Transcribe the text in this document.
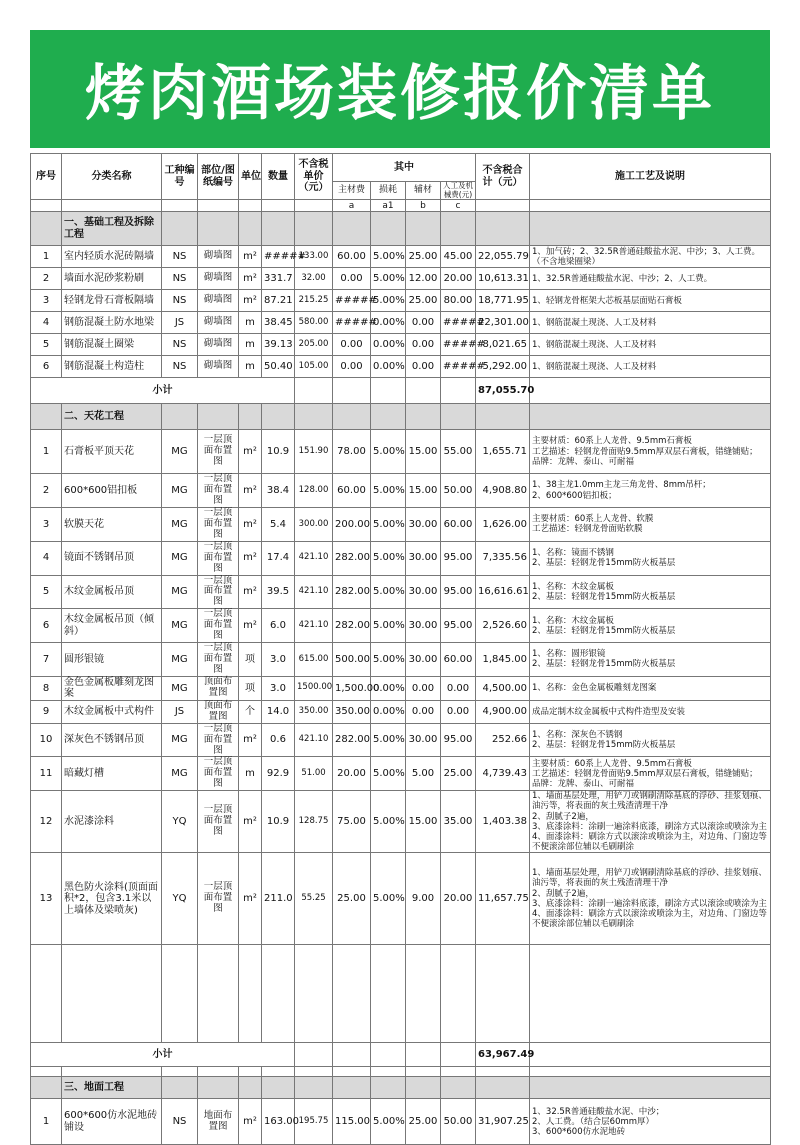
烤肉酒场装修报价清单
序号	分类名称	工种编号	部位/图纸编号	单位	数量	不含税单价（元）	其中				不含税合计（元）	施工工艺及说明
							主材费	损耗	辅材	人工及机械费(元)		
							a	a1	b	c		
	一、基础工程及拆除工程											
1	室内轻质水泥砖隔墙	NS	砌墙图	m²	#####	133.00	60.00	5.00%	25.00	45.00	22,055.79	1、加气砖；2、32.5R普通硅酸盐水泥、中沙；3、人工费。（不含地梁圈梁）
2	墙面水泥砂浆粉刷	NS	砌墙图	m²	331.7	32.00	0.00	5.00%	12.00	20.00	10,613.31	1、32.5R普通硅酸盐水泥、中沙；2、人工费。
3	轻钢龙骨石膏板隔墙	NS	砌墙图	m²	87.21	215.25	#####	5.00%	25.00	80.00	18,771.95	1、轻钢龙骨框架大芯板基层面贴石膏板
4	钢筋混凝土防水地梁	JS	砌墙图	m	38.45	580.00	#####	0.00%	0.00	#####	22,301.00	1、钢筋混凝土现浇、人工及材料
5	钢筋混凝土圈梁	NS	砌墙图	m	39.13	205.00	0.00	0.00%	0.00	#####	8,021.65	1、钢筋混凝土现浇、人工及材料
6	钢筋混凝土构造柱	NS	砌墙图	m	50.40	105.00	0.00	0.00%	0.00	#####	5,292.00	1、钢筋混凝土现浇、人工及材料
小计											87,055.70	
	二、天花工程											
1	石膏板平顶天花	MG	一层顶面布置图	m²	10.9	151.90	78.00	5.00%	15.00	55.00	1,655.71	主要材质：60系上人龙骨、9.5mm石膏板
工艺描述：轻钢龙骨面贴9.5mm厚双层石膏板，错缝铺贴；
品牌：龙牌、泰山、可耐福
2	600*600铝扣板	MG	一层顶面布置图	m²	38.4	128.00	60.00	5.00%	15.00	50.00	4,908.80	1、38主龙1.0mm主龙三角龙骨、8mm吊杆；
2、600*600铝扣板；
3	软膜天花	MG	一层顶面布置图	m²	5.4	300.00	200.00	5.00%	30.00	60.00	1,626.00	主要材质：60系上人龙骨、软膜
工艺描述：轻钢龙骨面贴软膜
4	镜面不锈钢吊顶	MG	一层顶面布置图	m²	17.4	421.10	282.00	5.00%	30.00	95.00	7,335.56	1、名称：镜面不锈钢
2、基层：轻钢龙骨15mm防火板基层
5	木纹金属板吊顶	MG	一层顶面布置图	m²	39.5	421.10	282.00	5.00%	30.00	95.00	16,616.61	1、名称：木纹金属板
2、基层：轻钢龙骨15mm防火板基层
6	木纹金属板吊顶（倾斜）	MG	一层顶面布置图	m²	6.0	421.10	282.00	5.00%	30.00	95.00	2,526.60	1、名称：木纹金属板
2、基层：轻钢龙骨15mm防火板基层
7	圆形银镜	MG	一层顶面布置图	项	3.0	615.00	500.00	5.00%	30.00	60.00	1,845.00	1、名称：圆形银镜
2、基层：轻钢龙骨15mm防火板基层
8	金色金属板雕刻龙图案	MG	顶面布置图	项	3.0	1500.00	1,500.00	0.00%	0.00	0.00	4,500.00	1、名称：金色金属板雕刻龙图案
9	木纹金属板中式构件	JS	顶面布置图	个	14.0	350.00	350.00	0.00%	0.00	0.00	4,900.00	成品定制木纹金属板中式构件造型及安装
10	深灰色不锈钢吊顶	MG	一层顶面布置图	m²	0.6	421.10	282.00	5.00%	30.00	95.00	252.66	1、名称：深灰色不锈钢
2、基层：轻钢龙骨15mm防火板基层
11	暗藏灯槽	MG	一层顶面布置图	m	92.9	51.00	20.00	5.00%	5.00	25.00	4,739.43	主要材质：60系上人龙骨、9.5mm石膏板
工艺描述：轻钢龙骨面贴9.5mm厚双层石膏板，错缝铺贴；
品牌：龙牌、泰山、可耐福
12	水泥漆涂料	YQ	一层顶面布置图	m²	10.9	128.75	75.00	5.00%	15.00	35.00	1,403.38	1、墙面基层处理，用铲刀或钢刷清除基底的浮砂、挂浆划痕、油污等，将表面的灰土残渣清理干净
2、刮腻子2遍，
3、底漆涂料：涂刷一遍涂料底漆，刷涂方式以滚涂或喷涂为主
4、面漆涂料：刷涂方式以滚涂或喷涂为主，对边角、门窗边等不便滚涂部位辅以毛刷刷涂
13	黑色防火涂料(顶面面积*2，包含3.1米以上墙体及梁喷灰)	YQ	一层顶面布置图	m²	211.0	55.25	25.00	5.00%	9.00	20.00	11,657.75	1、墙面基层处理，用铲刀或钢刷清除基底的浮砂、挂浆划痕、油污等，将表面的灰土残渣清理干净
2、刮腻子2遍，
3、底漆涂料：涂刷一遍涂料底漆，刷涂方式以滚涂或喷涂为主
4、面漆涂料：刷涂方式以滚涂或喷涂为主，对边角、门窗边等不便滚涂部位辅以毛刷刷涂

小计											63,967.49	

	三、地面工程											
1	600*600仿水泥地砖铺设	NS	地面布置图	m²	163.00	195.75	115.00	5.00%	25.00	50.00	31,907.25	1、32.5R普通硅酸盐水泥、中沙；
2、人工费。（结合层60mm厚）
3、600*600仿水泥地砖
